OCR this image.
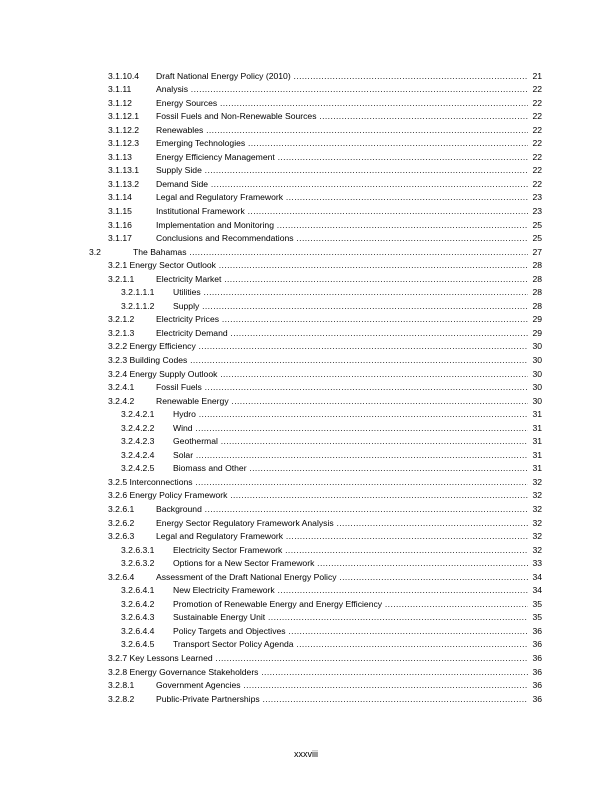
3.1.10.4 Draft National Energy Policy (2010) .....	21
3.1.11	Analysis .....	22
3.1.12	Energy Sources .....	22
3.1.12.1 Fossil Fuels and Non-Renewable Sources .....	22
3.1.12.2 Renewables .....	22
3.1.12.3 Emerging Technologies .....	22
3.1.13	Energy Efficiency Management .....	22
3.1.13.1 Supply Side .....	22
3.1.13.2 Demand Side .....	22
3.1.14	Legal and Regulatory Framework .....	23
3.1.15	Institutional Framework .....	23
3.1.16	Implementation and Monitoring .....	25
3.1.17	Conclusions and Recommendations .....	25
3.2	The Bahamas .....	27
3.2.1 Energy Sector Outlook .....	28
3.2.1.1	Electricity Market .....	28
3.2.1.1.1 Utilities .....	28
3.2.1.1.2 Supply .....	28
3.2.1.2	Electricity Prices .....	29
3.2.1.3	Electricity Demand .....	29
3.2.2 Energy Efficiency .....	30
3.2.3 Building Codes .....	30
3.2.4 Energy Supply Outlook .....	30
3.2.4.1	Fossil Fuels .....	30
3.2.4.2	Renewable Energy .....	30
3.2.4.2.1 Hydro .....	31
3.2.4.2.2 Wind .....	31
3.2.4.2.3 Geothermal .....	31
3.2.4.2.4 Solar .....	31
3.2.4.2.5 Biomass and Other .....	31
3.2.5 Interconnections .....	32
3.2.6 Energy Policy Framework .....	32
3.2.6.1	Background .....	32
3.2.6.2	Energy Sector Regulatory Framework Analysis .....	32
3.2.6.3	Legal and Regulatory Framework .....	32
3.2.6.3.1 Electricity Sector Framework .....	32
3.2.6.3.2 Options for a New Sector Framework .....	33
3.2.6.4	Assessment of the Draft National Energy Policy .....	34
3.2.6.4.1 New Electricity Framework .....	34
3.2.6.4.2 Promotion of Renewable Energy and Energy Efficiency .....	35
3.2.6.4.3 Sustainable Energy Unit .....	35
3.2.6.4.4 Policy Targets and Objectives .....	36
3.2.6.4.5 Transport Sector Policy Agenda .....	36
3.2.7 Key Lessons Learned .....	36
3.2.8 Energy Governance Stakeholders .....	36
3.2.8.1	Government Agencies .....	36
3.2.8.2	Public-Private Partnerships .....	36
xxxviii
